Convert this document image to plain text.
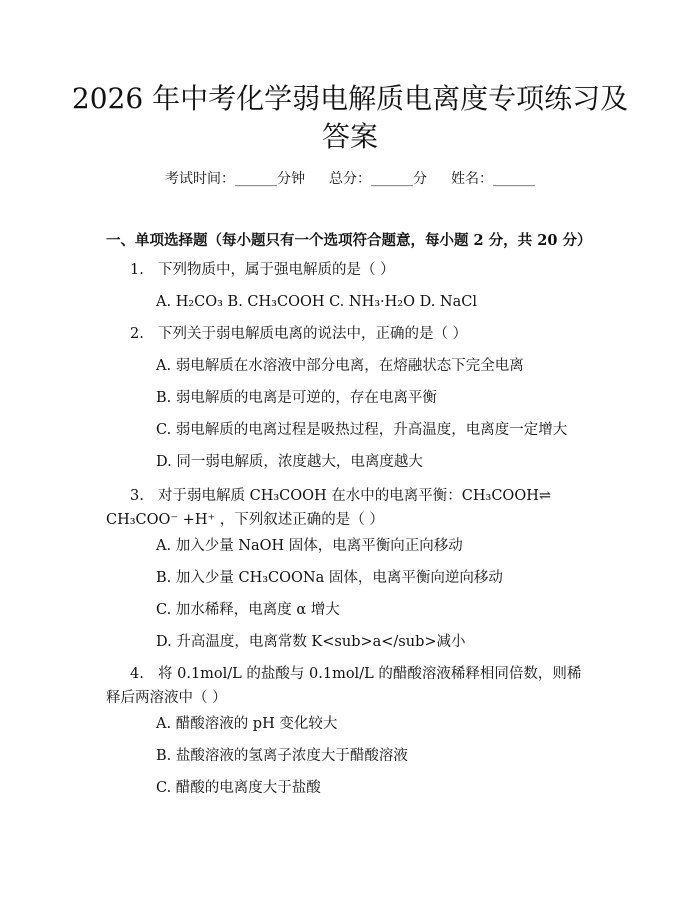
2026 年中考化学弱电解质电离度专项练习及
答案
考试时间：______分钟 总分：______分 姓名：______
一、单项选择题（每小题只有一个选项符合题意，每小题 2 分，共 20 分）
1. 下列物质中，属于强电解质的是（ ）
A. H₂CO₃ B. CH₃COOH C. NH₃·H₂O D. NaCl
2. 下列关于弱电解质电离的说法中，正确的是（ ）
A. 弱电解质在水溶液中部分电离，在熔融状态下完全电离
B. 弱电解质的电离是可逆的，存在电离平衡
C. 弱电解质的电离过程是吸热过程，升高温度，电离度一定增大
D. 同一弱电解质，浓度越大，电离度越大
3. 对于弱电解质 CH₃COOH 在水中的电离平衡：CH₃COOH⇌ CH₃COO⁻ +H⁺ ，下列叙述正确的是（ ）
A. 加入少量 NaOH 固体，电离平衡向正向移动
B. 加入少量 CH₃COONa 固体，电离平衡向逆向移动
C. 加水稀释，电离度 α 增大
D. 升高温度，电离常数 K<sub>a</sub>减小
4. 将 0.1mol/L 的盐酸与 0.1mol/L 的醋酸溶液稀释相同倍数，则稀释后两溶液中（ ）
A. 醋酸溶液的 pH 变化较大
B. 盐酸溶液的氢离子浓度大于醋酸溶液
C. 醋酸的电离度大于盐酸
